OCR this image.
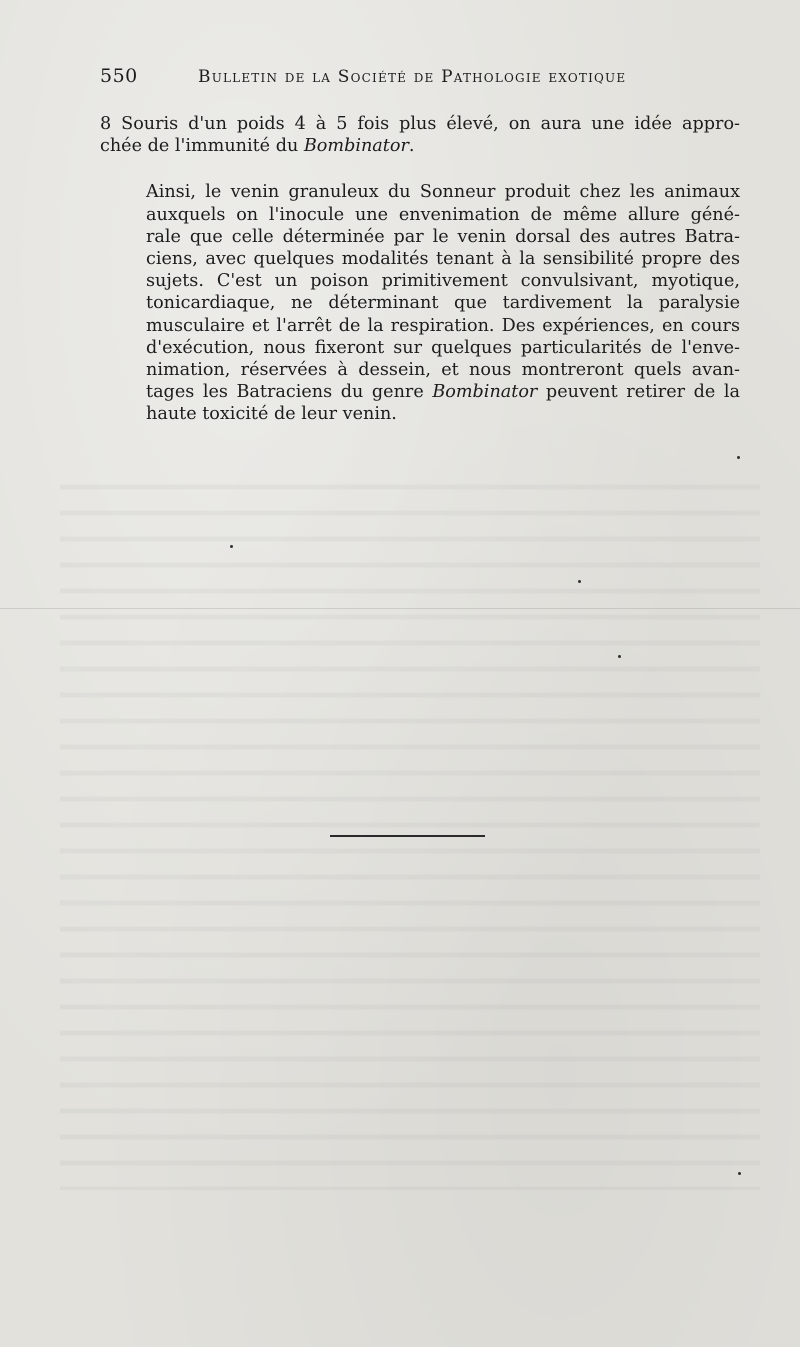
550	Bulletin de la Société de Pathologie exotique

8 Souris d'un poids 4 à 5 fois plus élevé, on aura une idée appro-
chée de l'immunité du Bombinator.

Ainsi, le venin granuleux du Sonneur produit chez les animaux
auxquels on l'inocule une envenimation de même allure géné-
rale que celle déterminée par le venin dorsal des autres Batra-
ciens, avec quelques modalités tenant à la sensibilité propre des
sujets. C'est un poison primitivement convulsivant, myotique,
tonicardiaque, ne déterminant que tardivement la paralysie
musculaire et l'arrêt de la respiration. Des expériences, en cours
d'exécution, nous fixeront sur quelques particularités de l'enve-
nimation, réservées à dessein, et nous montreront quels avan-
tages les Batraciens du genre Bombinator peuvent retirer de la
haute toxicité de leur venin.
